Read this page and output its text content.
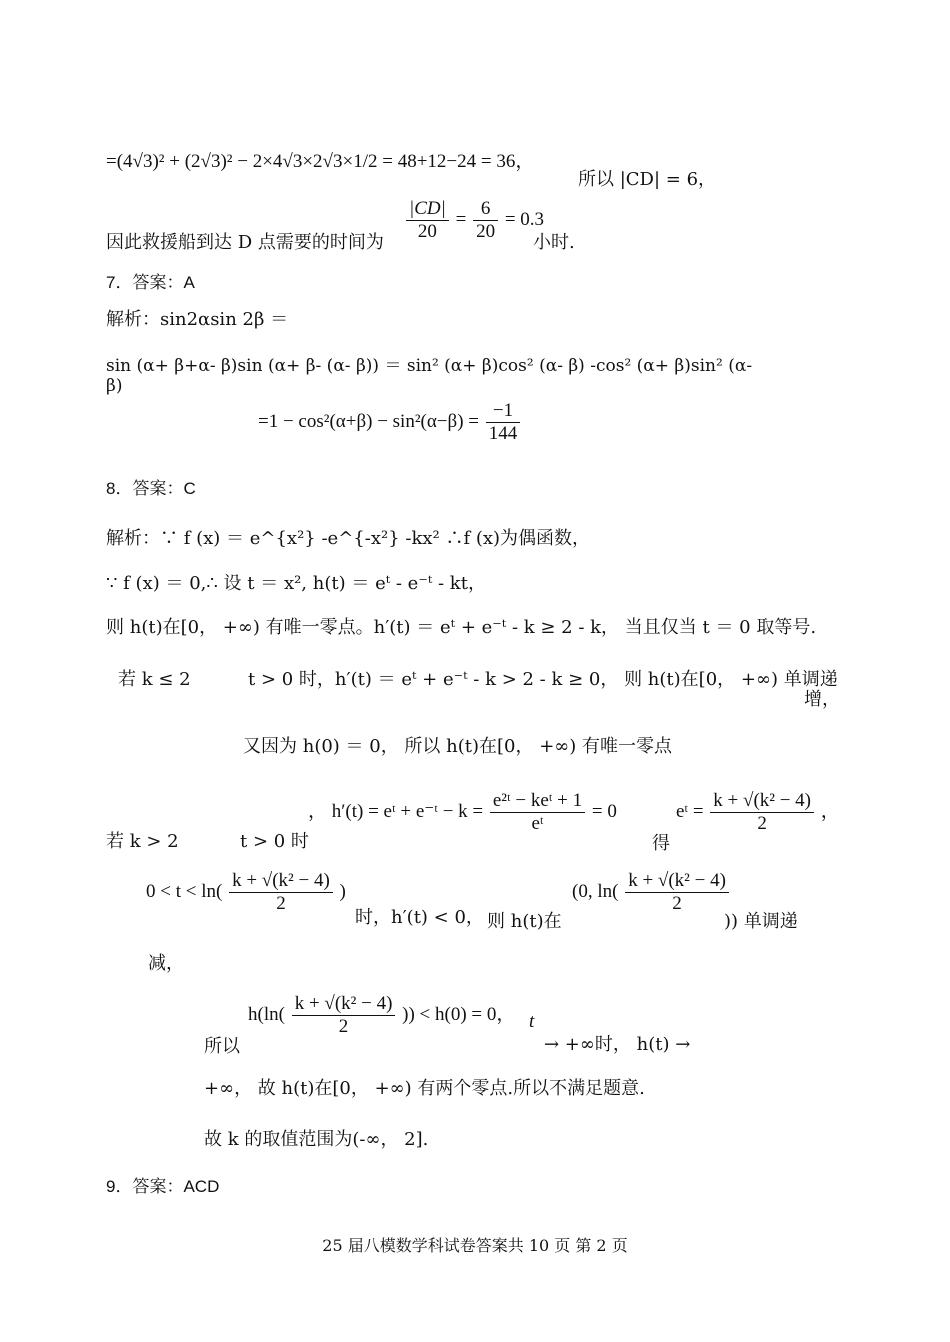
=(4√3)² + (2√3)² − 2×4√3×2√3×1/2 = 48+12−24 = 36，
所以 |CD| = 6，
因此救援船到达 D 点需要的时间为 $\frac{|CD|}{20} = \frac{6}{20} = 0.3$
小时.
7．答案：A
解析：sin2αsin 2β ＝
sin (α+ β+α- β)sin (α+ β- (α- β)) ＝ sin² (α+ β)cos² (α- β) -cos² (α+ β)sin² (α-
β)
$=1 - \cos^2(\alpha+\beta) - \sin^2(\alpha-\beta) = \frac{-1}{144}$
8．答案：C
解析：∵ f (x) ＝ e^{x²} -e^{-x²} -kx² ∴f (x)为偶函数，
∵ f (x) ＝ 0,∴ 设 t ＝ x², h(t) ＝ eᵗ - e⁻ᵗ - kt，
则 h(t)在[0， +∞) 有唯一零点。h′(t) ＝ eᵗ + e⁻ᵗ - k ≥ 2 - k， 当且仅当 t ＝ 0 取等号.
若 k ≤ 2	t > 0 时，h′(t) ＝ eᵗ + e⁻ᵗ - k > 2 - k ≥ 0， 则 h(t)在[0， +∞) 单调递
增，
又因为 h(0) ＝ 0， 所以 h(t)在[0， +∞) 有唯一零点
， h′(t) = eᵗ + e⁻ᵗ − $k = \frac{\text{e²ᵗ − keᵗ + 1}}{\text{eᵗ}} = 0$	eᵗ = $\frac{\text{k + √(k² − 4)}}{2}$ ，
若 k > 2	t > 0 时	得
$0 < t < \ln( \frac{\text{k + √(k² − 4)}}{2}$ )
时，h′(t) < 0， 则 h(t)在
(0, $\ln( \frac{\text{k + √(k² − 4)}}{2}$
)) 单调递
减，
$h(\ln( \frac{\text{k + √(k² − 4)}}{2}$ )) < h(0) = 0， t
所以	→ +∞时， h(t) →
+∞， 故 h(t)在[0， +∞) 有两个零点.所以不满足题意.
故 k 的取值范围为(-∞， 2].
9．答案：ACD
25 届八模数学科试卷答案共 10 页 第 2 页
